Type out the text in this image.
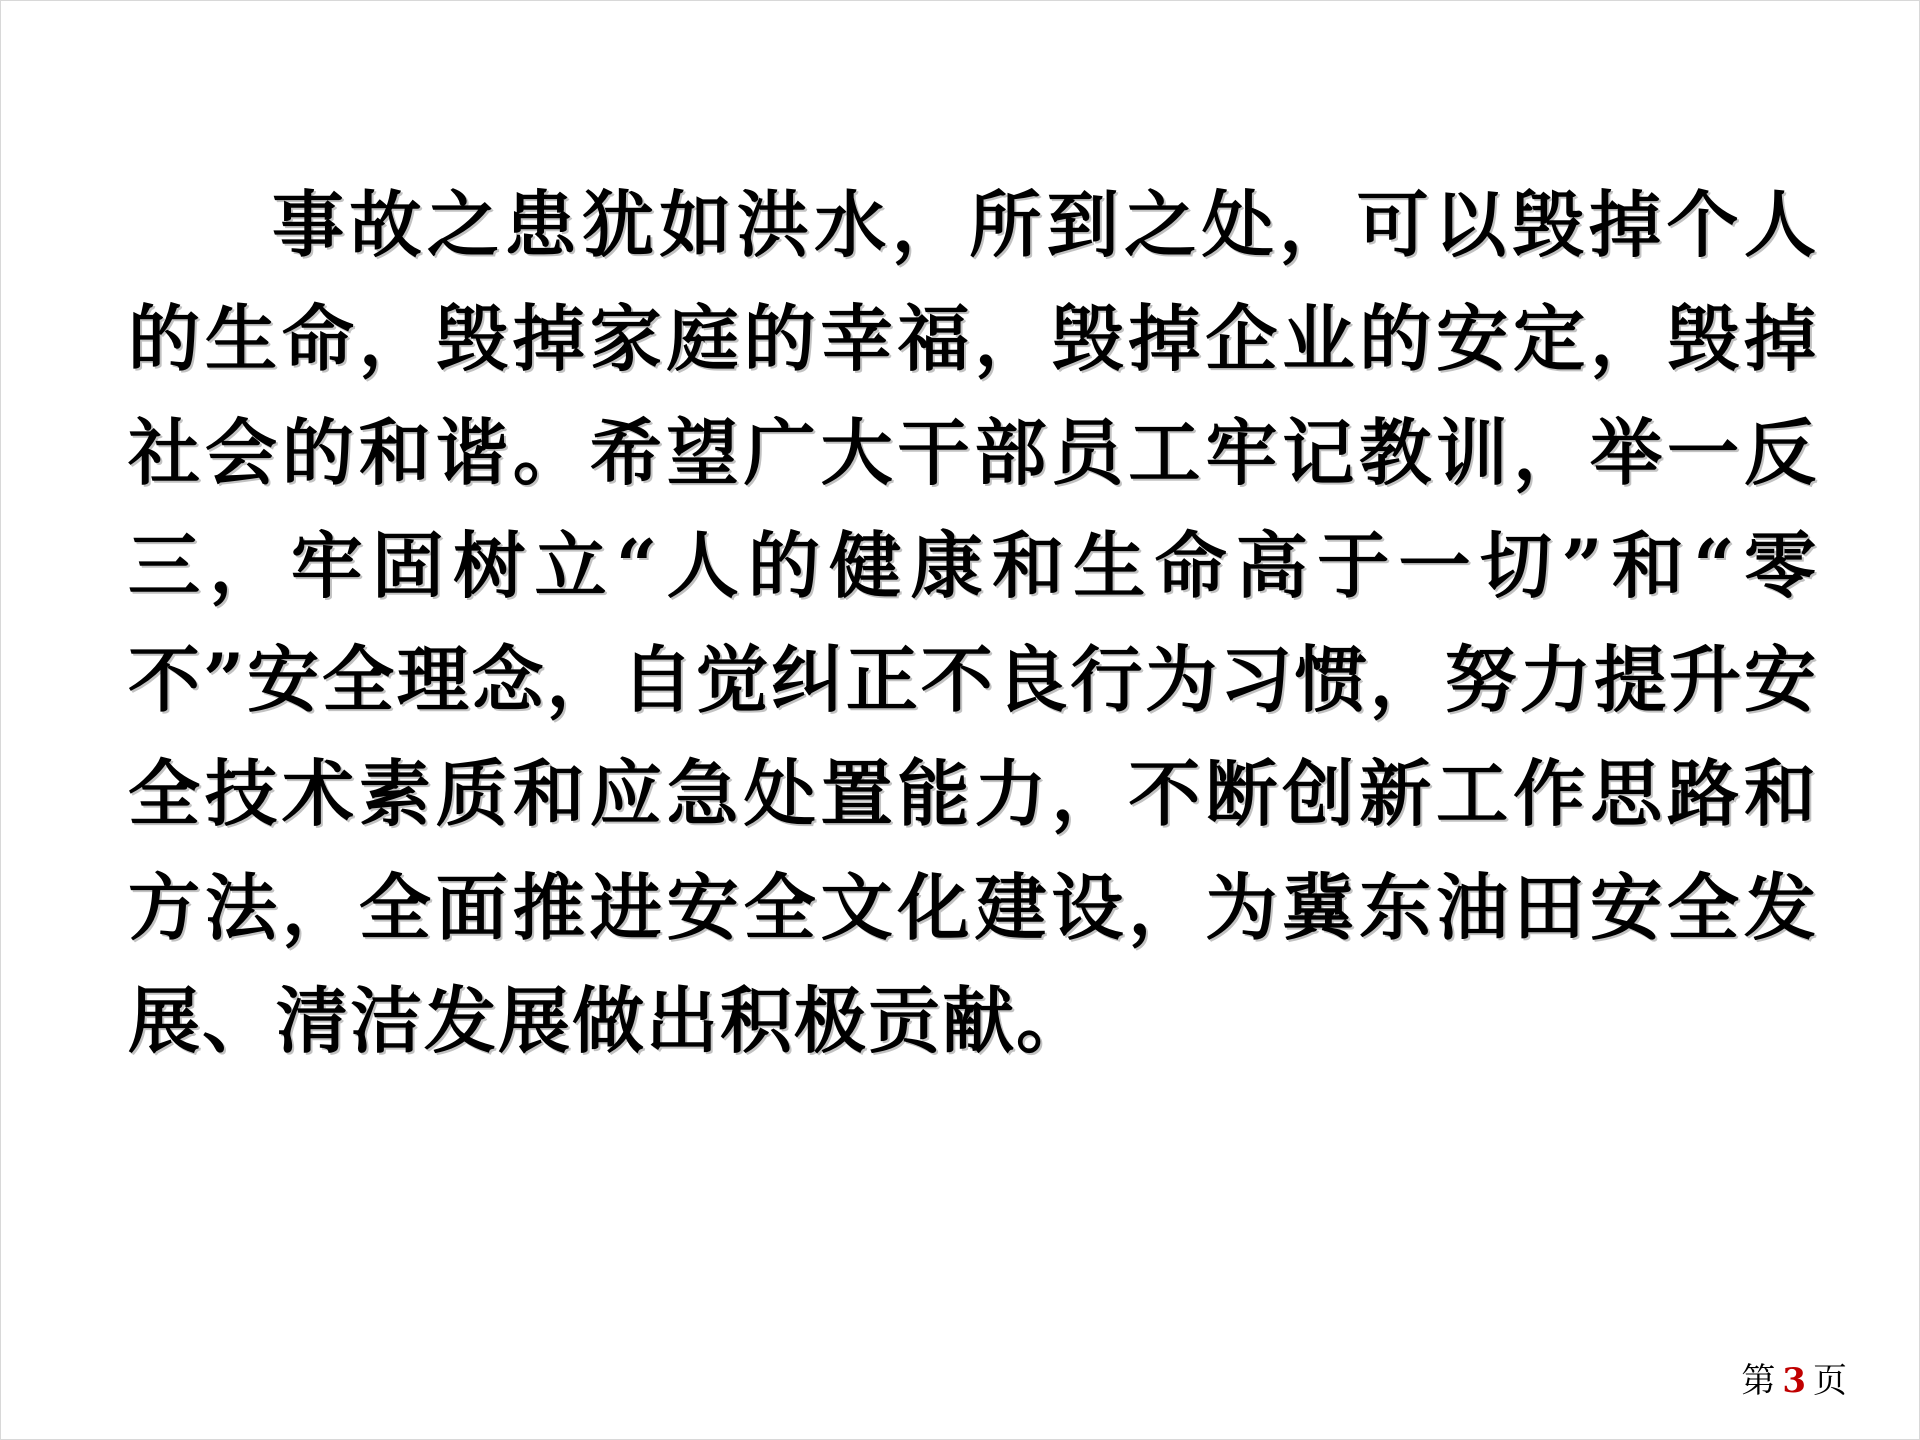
事故之患犹如洪水，所到之处，可以毁掉个人的生命，毁掉家庭的幸福，毁掉企业的安定，毁掉社会的和谐。希望广大干部员工牢记教训，举一反三，牢固树立“人的健康和生命高于一切”和“零不”安全理念，自觉纠正不良行为习惯，努力提升安全技术素质和应急处置能力，不断创新工作思路和方法，全面推进安全文化建设，为冀东油田安全发展、清洁发展做出积极贡献。
第 3 页
